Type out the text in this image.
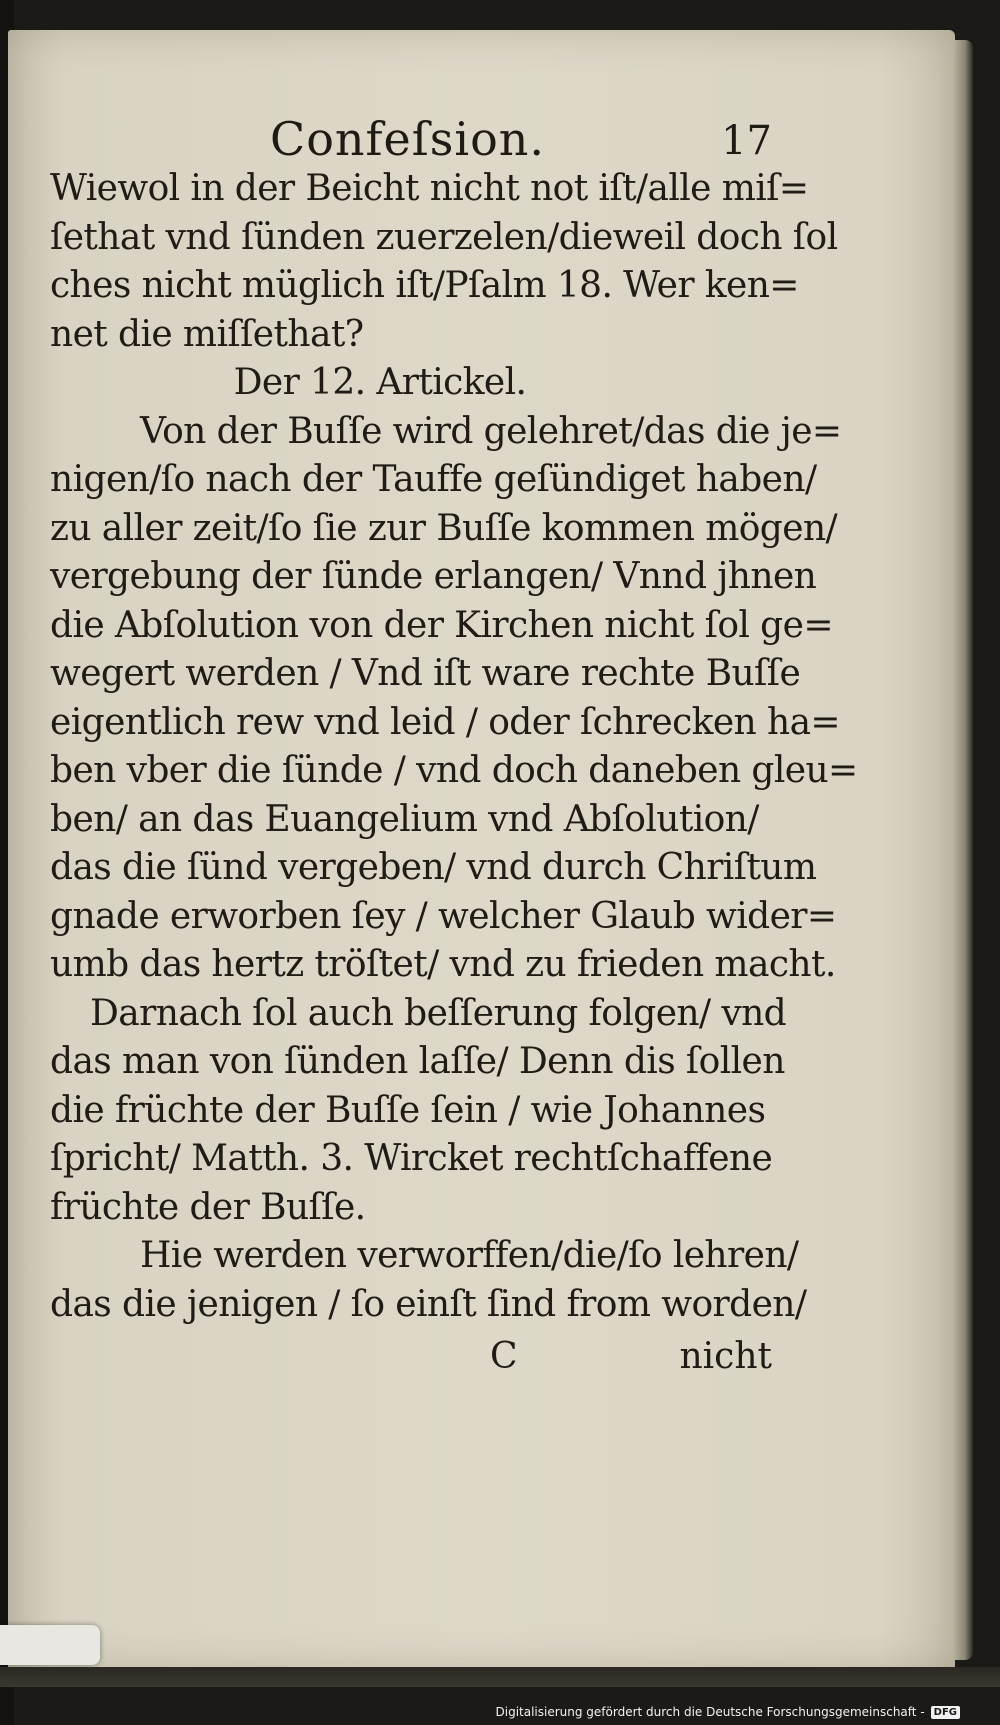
Confeſsion.	17
Wiewol in der Beicht nicht not iſt/alle miſ=
ſethat vnd ſünden zuerzelen/dieweil doch ſol
ches nicht müglich iſt/Pſalm 18. Wer ken=
net die miſſethat?
Der 12. Artickel.
Von der Buſſe wird gelehret/das die je=
nigen/ſo nach der Tauffe geſündiget haben/
zu aller zeit/ſo ſie zur Buſſe kommen mögen/
vergebung der ſünde erlangen/ Vnnd jhnen
die Abſolution von der Kirchen nicht ſol ge=
wegert werden / Vnd iſt ware rechte Buſſe
eigentlich rew vnd leid / oder ſchrecken ha=
ben vber die ſünde / vnd doch daneben gleu=
ben/ an das Euangelium vnd Abſolution/
das die ſünd vergeben/ vnd durch Chriſtum
gnade erworben ſey / welcher Glaub wider=
umb das hertz tröſtet/ vnd zu frieden macht.
Darnach ſol auch beſſerung folgen/ vnd
das man von ſünden laſſe/ Denn dis ſollen
die früchte der Buſſe ſein / wie Johannes
ſpricht/ Matth. 3. Wircket rechtſchaffene
früchte der Buſſe.
Hie werden verworffen/die/ſo lehren/
das die jenigen / ſo einſt ſind from worden/
C	nicht
Digitalisierung gefördert durch die Deutsche Forschungsgemeinschaft - DFG
